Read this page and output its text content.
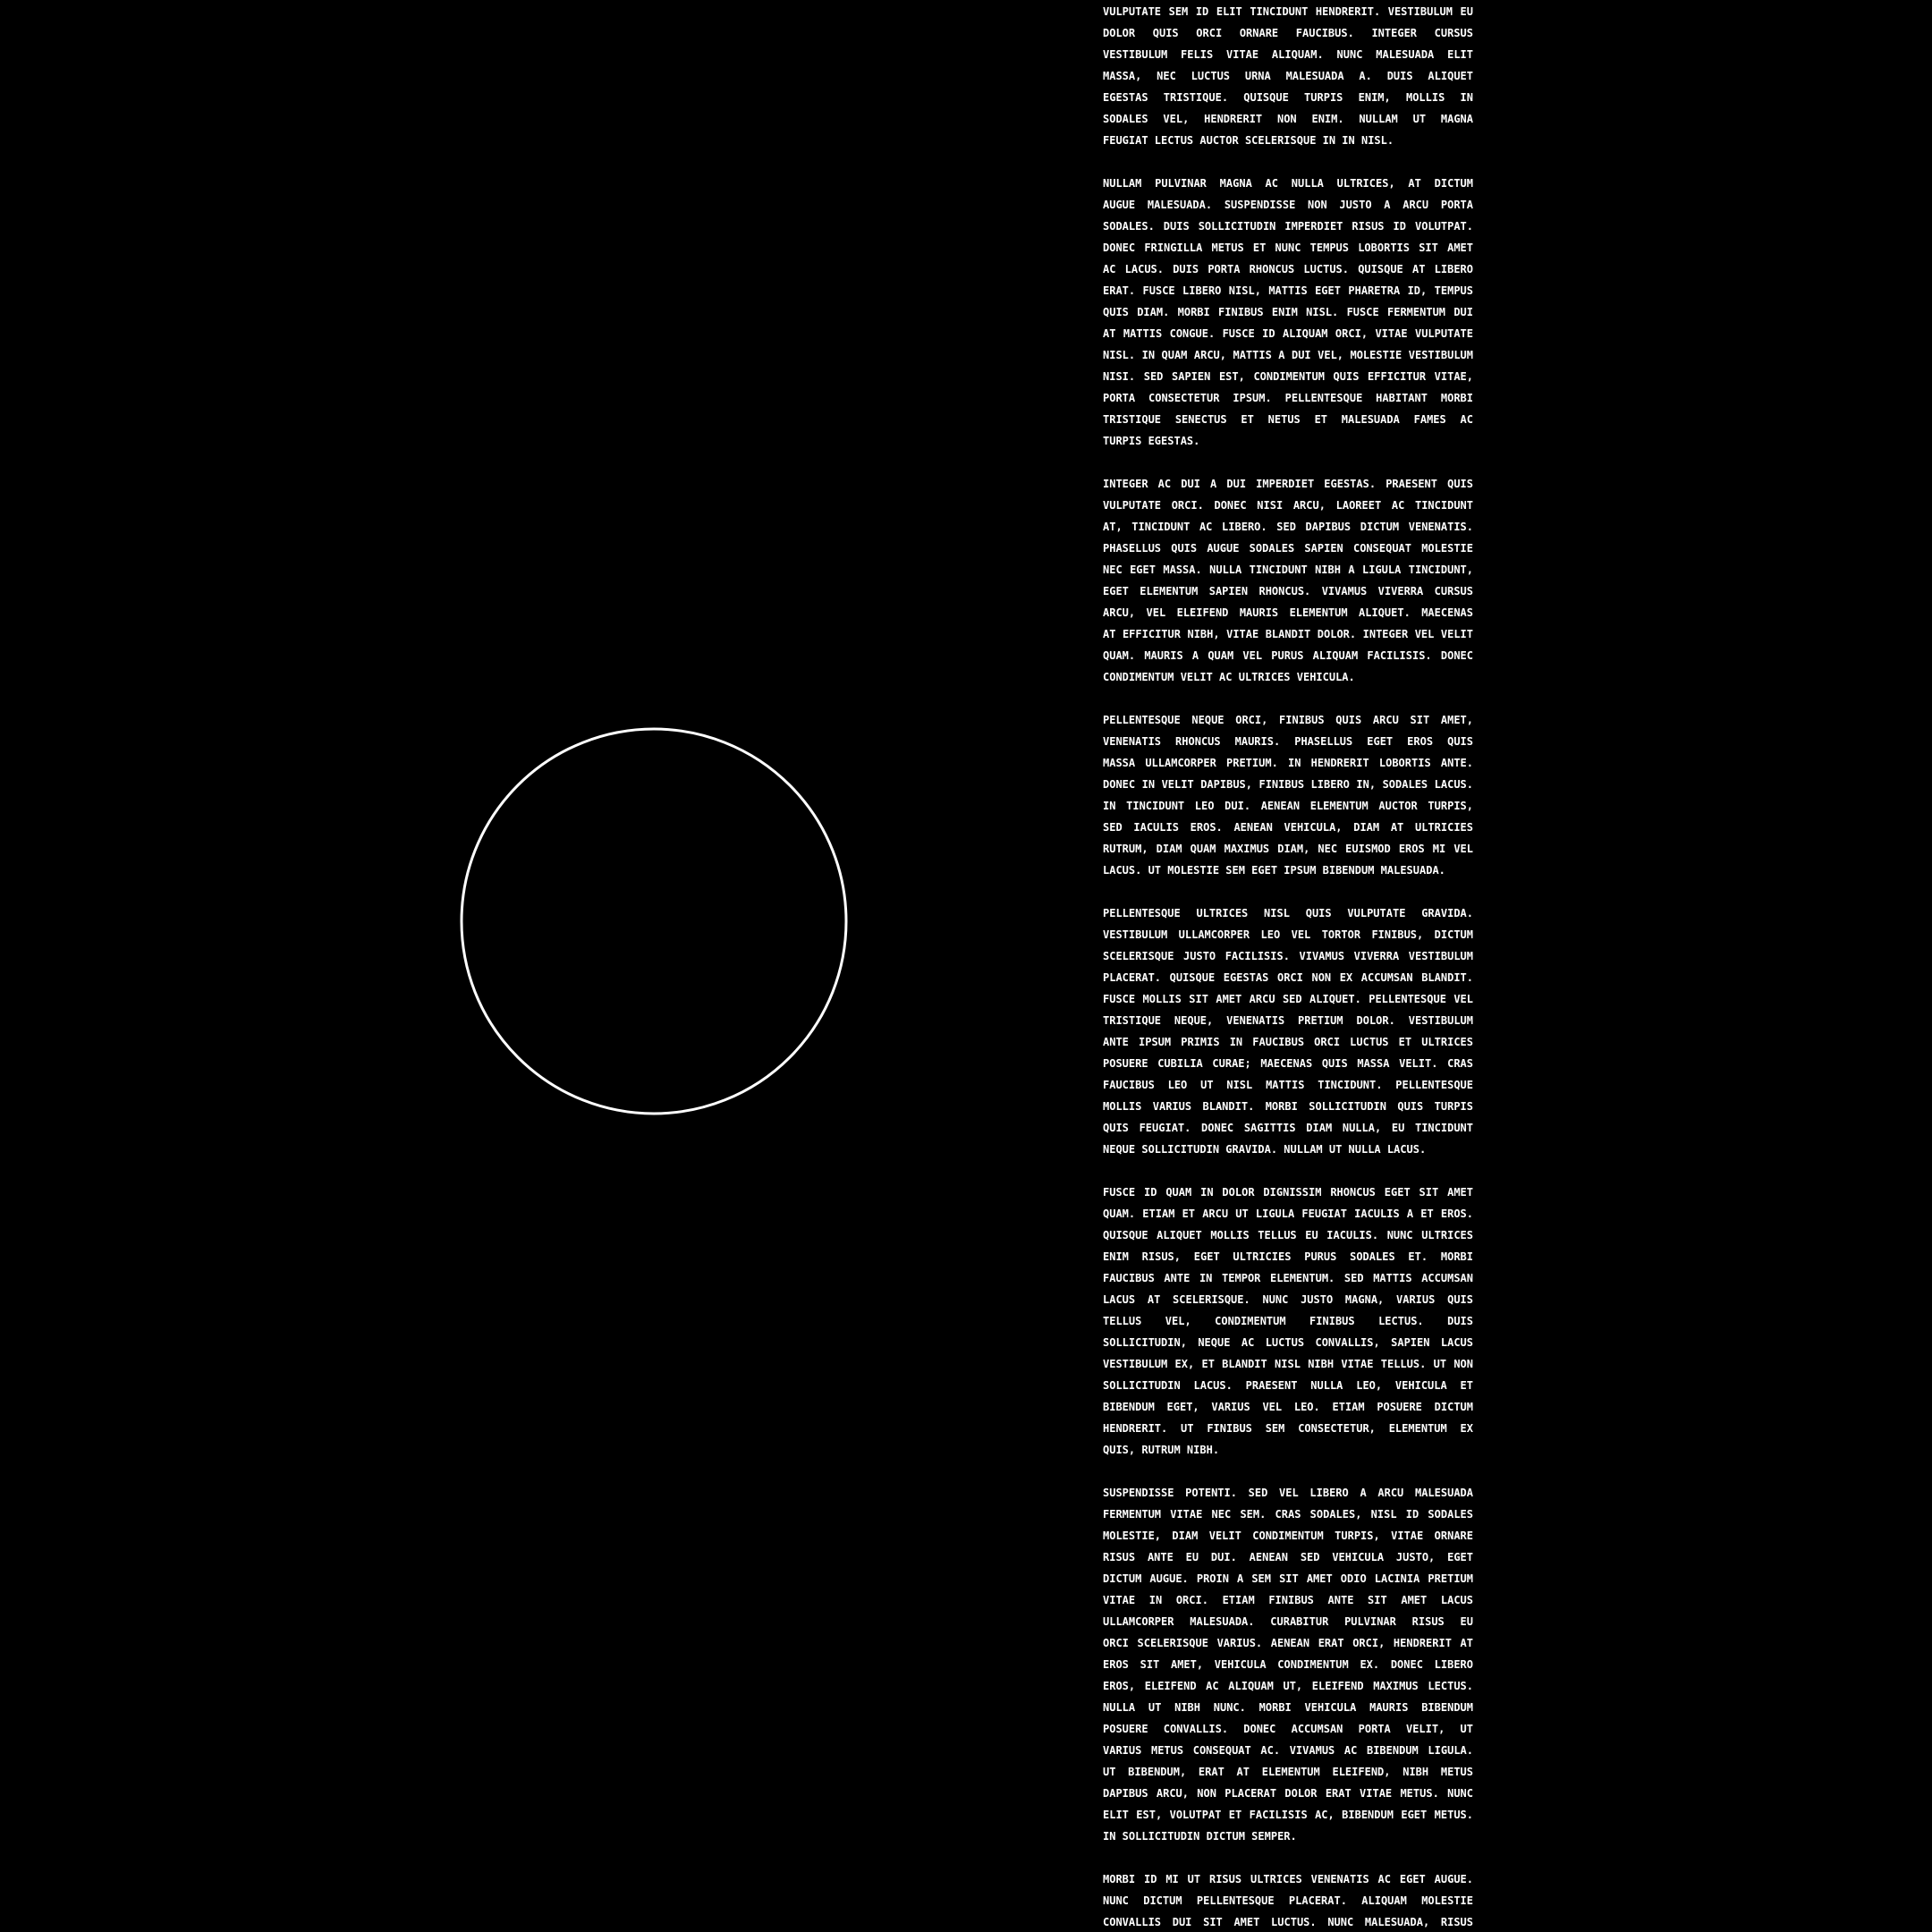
VULPUTATE SEM ID ELIT TINCIDUNT HENDRERIT. VESTIBULUM EU
DOLOR QUIS ORCI ORNARE FAUCIBUS. INTEGER CURSUS
VESTIBULUM FELIS VITAE ALIQUAM. NUNC MALESUADA ELIT
MASSA, NEC LUCTUS URNA MALESUADA A. DUIS ALIQUET
EGESTAS TRISTIQUE. QUISQUE TURPIS ENIM, MOLLIS IN
SODALES VEL, HENDRERIT NON ENIM. NULLAM UT MAGNA
FEUGIAT LECTUS AUCTOR SCELERISQUE IN IN NISL.

NULLAM PULVINAR MAGNA AC NULLA ULTRICES, AT DICTUM
AUGUE MALESUADA. SUSPENDISSE NON JUSTO A ARCU PORTA
SODALES. DUIS SOLLICITUDIN IMPERDIET RISUS ID VOLUTPAT.
DONEC FRINGILLA METUS ET NUNC TEMPUS LOBORTIS SIT AMET
AC LACUS. DUIS PORTA RHONCUS LUCTUS. QUISQUE AT LIBERO
ERAT. FUSCE LIBERO NISL, MATTIS EGET PHARETRA ID, TEMPUS
QUIS DIAM. MORBI FINIBUS ENIM NISL. FUSCE FERMENTUM DUI
AT MATTIS CONGUE. FUSCE ID ALIQUAM ORCI, VITAE VULPUTATE
NISL. IN QUAM ARCU, MATTIS A DUI VEL, MOLESTIE VESTIBULUM
NISI. SED SAPIEN EST, CONDIMENTUM QUIS EFFICITUR VITAE,
PORTA CONSECTETUR IPSUM. PELLENTESQUE HABITANT MORBI
TRISTIQUE SENECTUS ET NETUS ET MALESUADA FAMES AC
TURPIS EGESTAS.

INTEGER AC DUI A DUI IMPERDIET EGESTAS. PRAESENT QUIS
VULPUTATE ORCI. DONEC NISI ARCU, LAOREET AC TINCIDUNT
AT, TINCIDUNT AC LIBERO. SED DAPIBUS DICTUM VENENATIS.
PHASELLUS QUIS AUGUE SODALES SAPIEN CONSEQUAT MOLESTIE
NEC EGET MASSA. NULLA TINCIDUNT NIBH A LIGULA TINCIDUNT,
EGET ELEMENTUM SAPIEN RHONCUS. VIVAMUS VIVERRA CURSUS
ARCU, VEL ELEIFEND MAURIS ELEMENTUM ALIQUET. MAECENAS
AT EFFICITUR NIBH, VITAE BLANDIT DOLOR. INTEGER VEL VELIT
QUAM. MAURIS A QUAM VEL PURUS ALIQUAM FACILISIS. DONEC
CONDIMENTUM VELIT AC ULTRICES VEHICULA.

PELLENTESQUE NEQUE ORCI, FINIBUS QUIS ARCU SIT AMET,
VENENATIS RHONCUS MAURIS. PHASELLUS EGET EROS QUIS
MASSA ULLAMCORPER PRETIUM. IN HENDRERIT LOBORTIS ANTE.
DONEC IN VELIT DAPIBUS, FINIBUS LIBERO IN, SODALES LACUS.
IN TINCIDUNT LEO DUI. AENEAN ELEMENTUM AUCTOR TURPIS,
SED IACULIS EROS. AENEAN VEHICULA, DIAM AT ULTRICIES
RUTRUM, DIAM QUAM MAXIMUS DIAM, NEC EUISMOD EROS MI VEL
LACUS. UT MOLESTIE SEM EGET IPSUM BIBENDUM MALESUADA.

PELLENTESQUE ULTRICES NISL QUIS VULPUTATE GRAVIDA.
VESTIBULUM ULLAMCORPER LEO VEL TORTOR FINIBUS, DICTUM
SCELERISQUE JUSTO FACILISIS. VIVAMUS VIVERRA VESTIBULUM
PLACERAT. QUISQUE EGESTAS ORCI NON EX ACCUMSAN BLANDIT.
FUSCE MOLLIS SIT AMET ARCU SED ALIQUET. PELLENTESQUE VEL
TRISTIQUE NEQUE, VENENATIS PRETIUM DOLOR. VESTIBULUM
ANTE IPSUM PRIMIS IN FAUCIBUS ORCI LUCTUS ET ULTRICES
POSUERE CUBILIA CURAE; MAECENAS QUIS MASSA VELIT. CRAS
FAUCIBUS LEO UT NISL MATTIS TINCIDUNT. PELLENTESQUE
MOLLIS VARIUS BLANDIT. MORBI SOLLICITUDIN QUIS TURPIS
QUIS FEUGIAT. DONEC SAGITTIS DIAM NULLA, EU TINCIDUNT
NEQUE SOLLICITUDIN GRAVIDA. NULLAM UT NULLA LACUS.

FUSCE ID QUAM IN DOLOR DIGNISSIM RHONCUS EGET SIT AMET
QUAM. ETIAM ET ARCU UT LIGULA FEUGIAT IACULIS A ET EROS.
QUISQUE ALIQUET MOLLIS TELLUS EU IACULIS. NUNC ULTRICES
ENIM RISUS, EGET ULTRICIES PURUS SODALES ET. MORBI
FAUCIBUS ANTE IN TEMPOR ELEMENTUM. SED MATTIS ACCUMSAN
LACUS AT SCELERISQUE. NUNC JUSTO MAGNA, VARIUS QUIS
TELLUS VEL, CONDIMENTUM FINIBUS LECTUS. DUIS
SOLLICITUDIN, NEQUE AC LUCTUS CONVALLIS, SAPIEN LACUS
VESTIBULUM EX, ET BLANDIT NISL NIBH VITAE TELLUS. UT NON
SOLLICITUDIN LACUS. PRAESENT NULLA LEO, VEHICULA ET
BIBENDUM EGET, VARIUS VEL LEO. ETIAM POSUERE DICTUM
HENDRERIT. UT FINIBUS SEM CONSECTETUR, ELEMENTUM EX
QUIS, RUTRUM NIBH.

SUSPENDISSE POTENTI. SED VEL LIBERO A ARCU MALESUADA
FERMENTUM VITAE NEC SEM. CRAS SODALES, NISL ID SODALES
MOLESTIE, DIAM VELIT CONDIMENTUM TURPIS, VITAE ORNARE
RISUS ANTE EU DUI. AENEAN SED VEHICULA JUSTO, EGET
DICTUM AUGUE. PROIN A SEM SIT AMET ODIO LACINIA PRETIUM
VITAE IN ORCI. ETIAM FINIBUS ANTE SIT AMET LACUS
ULLAMCORPER MALESUADA. CURABITUR PULVINAR RISUS EU
ORCI SCELERISQUE VARIUS. AENEAN ERAT ORCI, HENDRERIT AT
EROS SIT AMET, VEHICULA CONDIMENTUM EX. DONEC LIBERO
EROS, ELEIFEND AC ALIQUAM UT, ELEIFEND MAXIMUS LECTUS.
NULLA UT NIBH NUNC. MORBI VEHICULA MAURIS BIBENDUM
POSUERE CONVALLIS. DONEC ACCUMSAN PORTA VELIT, UT
VARIUS METUS CONSEQUAT AC. VIVAMUS AC BIBENDUM LIGULA.
UT BIBENDUM, ERAT AT ELEMENTUM ELEIFEND, NIBH METUS
DAPIBUS ARCU, NON PLACERAT DOLOR ERAT VITAE METUS. NUNC
ELIT EST, VOLUTPAT ET FACILISIS AC, BIBENDUM EGET METUS.
IN SOLLICITUDIN DICTUM SEMPER.

MORBI ID MI UT RISUS ULTRICES VENENATIS AC EGET AUGUE.
NUNC DICTUM PELLENTESQUE PLACERAT. ALIQUAM MOLESTIE
CONVALLIS DUI SIT AMET LUCTUS. NUNC MALESUADA, RISUS
